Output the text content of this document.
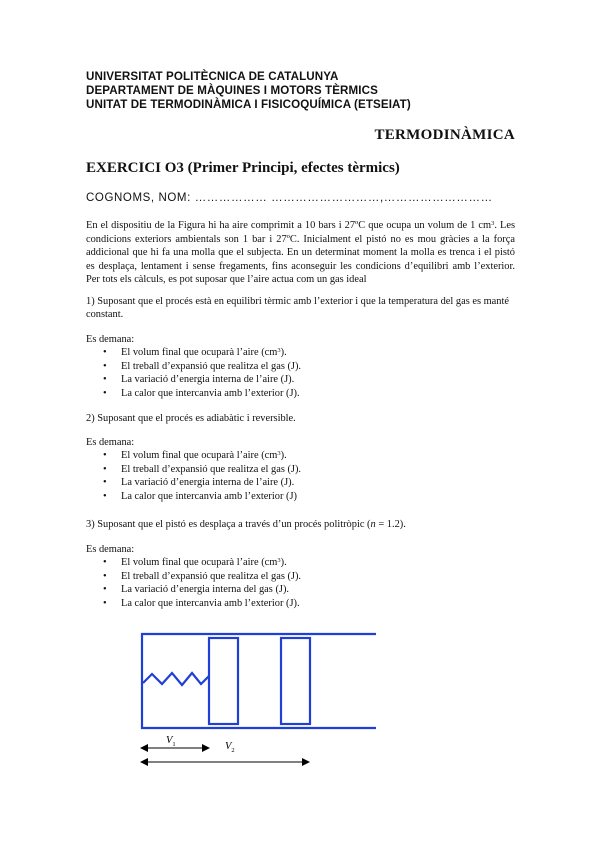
UNIVERSITAT POLITÈCNICA DE CATALUNYA
DEPARTAMENT DE MÀQUINES I MOTORS TÈRMICS
UNITAT DE TERMODINÀMICA I FISICOQUÍMICA (ETSEIAT)
TERMODINÀMICA
EXERCICI O3 (Primer Principi, efectes tèrmics)
COGNOMS, NOM: ……………… ………………………,………………………
En el dispositiu de la Figura hi ha aire comprimit a 10 bars i 27ºC que ocupa un volum de 1 $cm^3$. Les condicions exteriors ambientals son 1 bar i 27ºC. Inicialment el pistó no es mou gràcies a la força addicional que hi fa una molla que el subjecta. En un determinat moment la molla es trenca i el pistó es desplaça, lentament i sense fregaments, fins aconseguir les condicions d’equilibri amb l’exterior. Per tots els càlculs, es pot suposar que l’aire actua com un gas ideal
1) Suposant que el procés està en equilibri tèrmic amb l’exterior i que la temperatura del gas es manté constant.
Es demana:
• El volum final que ocuparà l’aire $(cm^3)$.
• El treball d’expansió que realitza el gas (J).
• La variació d’energia interna de l’aire (J).
• La calor que intercanvia amb l’exterior (J).
2) Suposant que el procés es adiabàtic i reversible.
Es demana:
• El volum final que ocuparà l’aire $(cm^3)$.
• El treball d’expansió que realitza el gas (J).
• La variació d’energia interna de l’aire (J).
• La calor que intercanvia amb l’exterior (J)
3) Suposant que el pistó es desplaça a través d’un procés politròpic (n = 1.2).
Es demana:
• El volum final que ocuparà l’aire $(cm^3)$.
• El treball d’expansió que realitza el gas (J).
• La variació d’energia interna del gas (J).
• La calor que intercanvia amb l’exterior (J).
$V_1$	$V_2$
